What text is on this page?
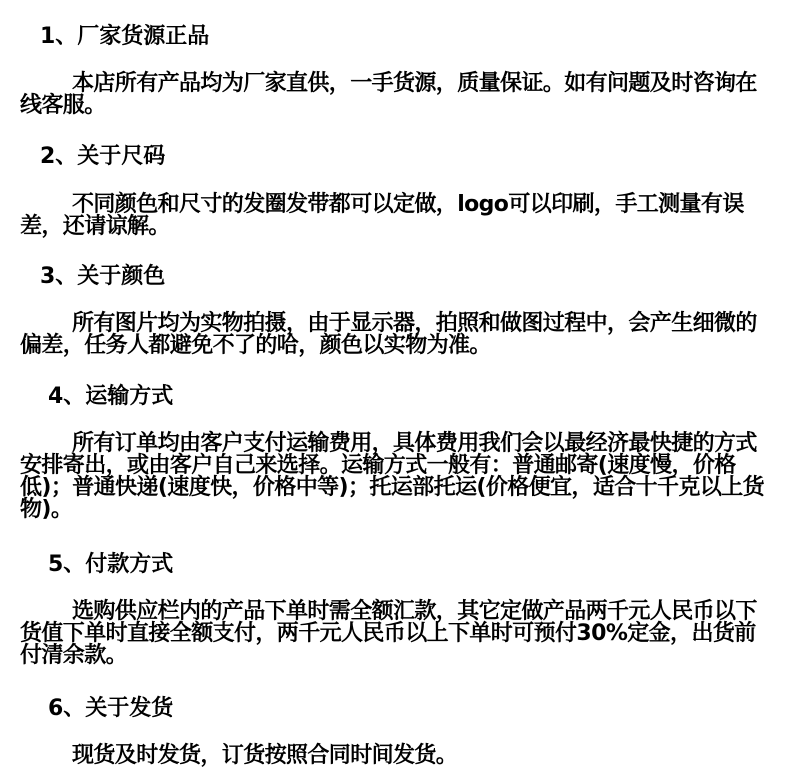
1、厂家货源正品
本店所有产品均为厂家直供，一手货源，质量保证。如有问题及时咨询在线客服。
2、关于尺码
不同颜色和尺寸的发圈发带都可以定做，logo可以印刷，手工测量有误差，还请谅解。
3、关于颜色
所有图片均为实物拍摄，由于显示器，拍照和做图过程中，会产生细微的偏差，任务人都避免不了的哈，颜色以实物为准。
4、运输方式
所有订单均由客户支付运输费用，具体费用我们会以最经济最快捷的方式安排寄出，或由客户自己来选择。运输方式一般有：普通邮寄(速度慢，价格低)；普通快递(速度快，价格中等)；托运部托运(价格便宜，适合十千克以上货物)。
5、付款方式
选购供应栏内的产品下单时需全额汇款，其它定做产品两千元人民币以下货值下单时直接全额支付，两千元人民币以上下单时可预付30%定金，出货前付清余款。
6、关于发货
现货及时发货，订货按照合同时间发货。
